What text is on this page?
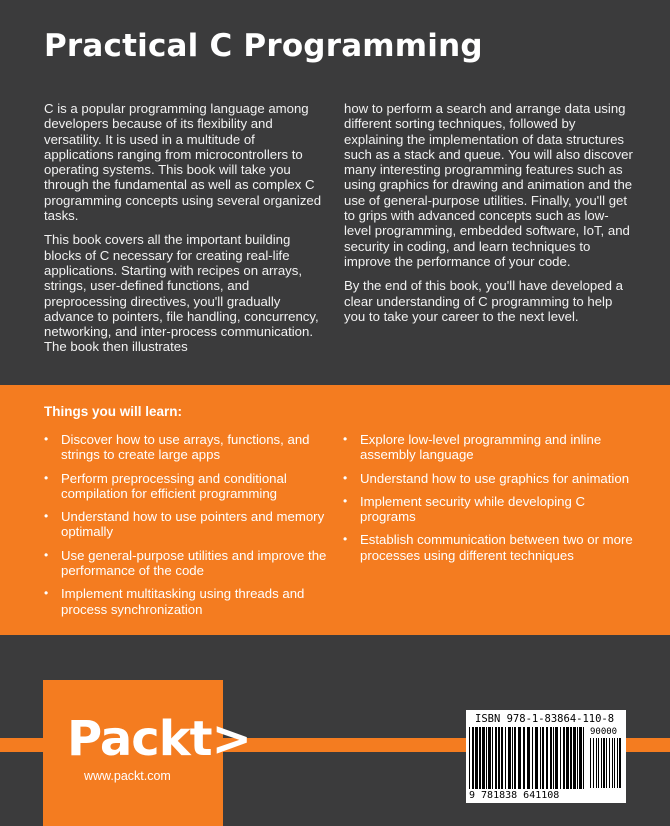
Practical C Programming

C is a popular programming language among developers because of its flexibility and versatility. It is used in a multitude of applications ranging from microcontrollers to operating systems. This book will take you through the fundamental as well as complex C programming concepts using several organized tasks.

This book covers all the important building blocks of C necessary for creating real-life applications. Starting with recipes on arrays, strings, user-defined functions, and preprocessing directives, you'll gradually advance to pointers, file handling, concurrency, networking, and inter-process communication. The book then illustrates

how to perform a search and arrange data using different sorting techniques, followed by explaining the implementation of data structures such as a stack and queue. You will also discover many interesting programming features such as using graphics for drawing and animation and the use of general-purpose utilities. Finally, you'll get to grips with advanced concepts such as low-level programming, embedded software, IoT, and security in coding, and learn techniques to improve the performance of your code.

By the end of this book, you'll have developed a clear understanding of C programming to help you to take your career to the next level.

Things you will learn:
• Discover how to use arrays, functions, and strings to create large apps
• Perform preprocessing and conditional compilation for efficient programming
• Understand how to use pointers and memory optimally
• Use general-purpose utilities and improve the performance of the code
• Implement multitasking using threads and process synchronization
• Explore low-level programming and inline assembly language
• Understand how to use graphics for animation
• Implement security while developing C programs
• Establish communication between two or more processes using different techniques
Packt>
www.packt.com
ISBN 978-1-83864-110-8
90000
9 781838 641108
